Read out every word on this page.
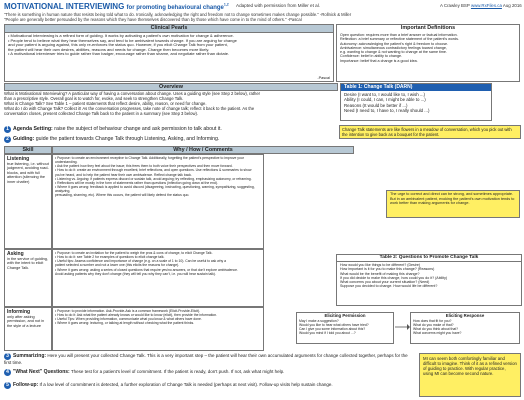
MOTIVATIONAL INTERVIEWING for promoting behavioural change$^{1,2}$ Adapted with permission from Miller et al.	A Crawley BSP www.RxFiles.ca Aug 2016
"There is something in human nature that resists being told what to do. Ironically, acknowledging the right and freedom not to change sometimes makes change possible." -Rollnick & Miller
"People are generally better persuaded by the reasons which they have themselves discovered than by those which have come in to the mind of others." -Pascal
Clinical Pearls
• Motivational Interviewing is a refined form of guiding. It works by activating a patient's own motivation for change & adherence.
• People tend to believe what they hear themselves say, and tend to be ambivalent towards change. If you are arguing for change
and your patient is arguing against, this only re-enforces the status quo. However, if you elicit Change Talk from your patient,
the patient will hear their own desires, abilities, reasons and needs for change. Change then becomes more likely.
• A motivational interviewer tries to guide rather than badger, encourage rather than shame, and negotiate rather than dictate.
-Pascal
Important Definitions
Open question: requires more than a brief answer or factual information.
Reflection: a brief summary or reflective statement of the patient's words.
Autonomy: acknowledging the patient's right & freedom to choose.
Ambivalence: simultaneous contradictory feelings toward change,
e.g. wanting to change & not wanting to change at the same time.
Confidence: belief in ability to change.
Importance: belief that a change is a good idea.
Overview
What is Motivational Interviewing? A particular way of having a conversation about change. Uses a guiding style (see Step 2 below), rather
than a prescriptive style. Overall goal is to watch for, evoke, and seek to strengthen Change Talk.
What is Change Talk? See Table 1 – patient statements that reflect desire, ability, reason, or need for change.
What do I do with Change Talk? Collect it! As the conversation progresses, take note of change talk; reflect it back to the patient. As the
conversation closes, present collected Change Talk back to the patient in a summary (see Step 3 below).
Table 1: Change Talk (DARN)
Desire (I want to, I would like to, I wish ...)
Ability (I could, I can, I might be able to ...)
Reasons (It would be better if ...)
Need (I need to, I have to, I really should ...)
1 Agenda Setting: raise the subject of behaviour change and ask permission to talk about it.
2 Guiding: guide the patient towards Change Talk through Listening, Asking, and Informing.
Change Talk statements are like flowers in a meadow of conversation, which you pick out with the intention to give back as a bouquet for the patient.
Skill	Why / How / Comments
Listening
true listening, i.e. without judgment, avoiding road-blocks, and with full attention (silencing the inner chatter)
• Purpose: to create an environment receptive to Change Talk. Additionally, forgetting the patient's perspective to improve your understanding.
• Ask the patient how they feel about the issue; this frees them to both voice their perspectives and then move forward.
• How to do it: create an environment through excellent, brief reflections, and open questions. Use reflections & summaries to show
you've heard, and to help the patient hear their own ambivalence. Reflect change talk back.
• Listening vs. Arguing: if patients express discord or sustain talk, avoid arguing; try reflecting, emphasizing autonomy, or reframing.
• Reflections will be mostly in the form of statements rather than questions (inflection going down at the end).
• Where it goes wrong: feedback is applied to avoid discord (disagreeing, instructing, questioning, warning, sympathizing, suggesting, analyzing,
persuading, shaming, etc). Where this occurs, the patient will likely defend the status quo.	The urge to correct and direct can be strong, and sometimes appropriate. But in an ambivalent patient, evoking the patient's own motivation tends to work better than making arguments for change.
Asking
in the service of guiding, with the intent to elicit Change Talk.
• Purpose: to create an invitation for the patient to weigh the pros & cons of change, to elicit Change Talk.
• How to do it: see Table 2 for examples of questions to elicit change talk.
• Useful tips: Assess confidence and importance of change (e.g. on a scale of 1 to 10). Can be useful to ask why a
patient selected a number and not a lower one (this elicits the reasons for change).
• Where it goes wrong: asking a series of closed questions that require yes/no answers, or that don't explore ambivalence.
Avoid asking patients why they don't change (they will tell you why they can't, i.e. you will hear sustain talk).
Table 2: Questions to Promote Change Talk
How would you like things to be different? (Desire)
How important is it for you to make this change? (Reasons)
What would be the benefit of making this change?
If you did decide to make this change, how could you do it? (Ability)
What concerns you about your current situation? (Need)
Suppose you decided to change. How would life be different?
Informing
only after asking permission, and not in the style of a lecture
• Purpose: to provide information. Ask-Provide-Ask is a common framework (Elicit-Provide-Elicit).
• How to do it: Ask what the patient already knows or would like to know (elicit), then provide the information.
• Useful Tips: When providing information, communicate what you know & what others have done.
• Where it goes wrong: lecturing, or talking at length without checking what the patient thinks.
Eliciting Permission
May I make a suggestion?
Would you like to hear what others have tried?
Can I give you some information about this?
Would you mind if I told you about ...?
Eliciting Response
How does that fit for you?
What do you make of that?
What do you think about that?
What concerns might you have?
3 Summarizing: Here you will present your collected Change Talk. This is a very important step – the patient will hear their own accumulated arguments for change collected together, perhaps for the first time.
4 "What Next" Questions: These test for a patient's level of commitment. If the patient is ready, don't push. If not, ask what might help.
5 Follow-up: If a low level of commitment is detected, a further exploration of Change Talk is needed (perhaps at next visit). Follow-up visits help sustain change.
MI can seem both comfortingly familiar and difficult to imagine. Think of it as a refined version of guiding to practice. With regular practice, using MI can become second nature.
